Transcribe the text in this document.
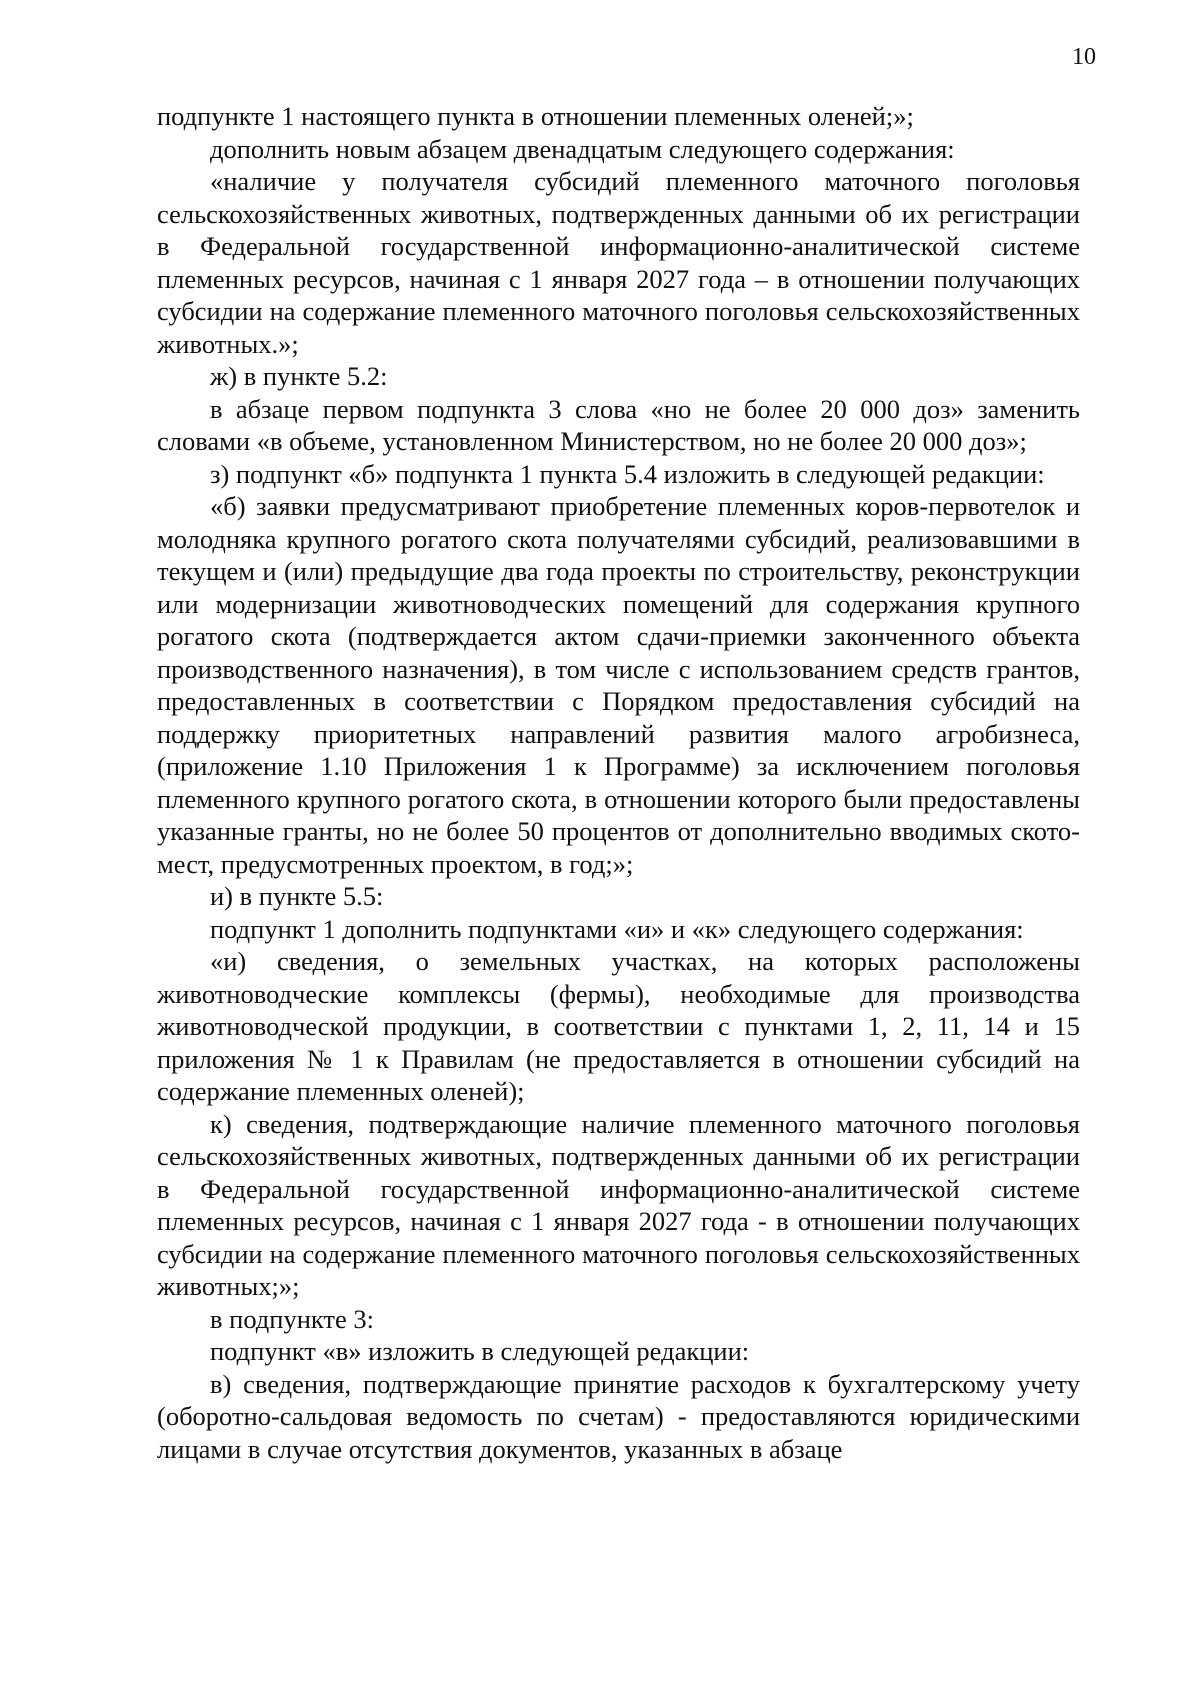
10

подпункте 1 настоящего пункта в отношении племенных оленей;»;

дополнить новым абзацем двенадцатым следующего содержания:

«наличие у получателя субсидий племенного маточного поголовья сельскохозяйственных животных, подтвержденных данными об их регистрации в Федеральной государственной информационно-аналитической системе племенных ресурсов, начиная с 1 января 2027 года – в отношении получающих субсидии на содержание племенного маточного поголовья сельскохозяйственных животных.»;

ж) в пункте 5.2:

в абзаце первом подпункта 3 слова «но не более 20 000 доз» заменить словами «в объеме, установленном Министерством, но не более 20 000 доз»;

з) подпункт «б» подпункта 1 пункта 5.4 изложить в следующей редакции:

«б) заявки предусматривают приобретение племенных коров-первотелок и молодняка крупного рогатого скота получателями субсидий, реализовавшими в текущем и (или) предыдущие два года проекты по строительству, реконструкции или модернизации животноводческих помещений для содержания крупного рогатого скота (подтверждается актом сдачи-приемки законченного объекта производственного назначения), в том числе с использованием средств грантов, предоставленных в соответствии с Порядком предоставления субсидий на поддержку приоритетных направлений развития малого агробизнеса, (приложение 1.10 Приложения 1 к Программе) за исключением поголовья племенного крупного рогатого скота, в отношении которого были предоставлены указанные гранты, но не более 50 процентов от дополнительно вводимых ското-мест, предусмотренных проектом, в год;»;

и) в пункте 5.5:

подпункт 1 дополнить подпунктами «и» и «к» следующего содержания:

«и) сведения, о земельных участках, на которых расположены животноводческие комплексы (фермы), необходимые для производства животноводческой продукции, в соответствии с пунктами 1, 2, 11, 14 и 15 приложения № 1 к Правилам (не предоставляется в отношении субсидий на содержание племенных оленей);

к) сведения, подтверждающие наличие племенного маточного поголовья сельскохозяйственных животных, подтвержденных данными об их регистрации в Федеральной государственной информационно-аналитической системе племенных ресурсов, начиная с 1 января 2027 года - в отношении получающих субсидии на содержание племенного маточного поголовья сельскохозяйственных животных;»;

в подпункте 3:

подпункт «в» изложить в следующей редакции:

в) сведения, подтверждающие принятие расходов к бухгалтерскому учету (оборотно-сальдовая ведомость по счетам) - предоставляются юридическими лицами в случае отсутствия документов, указанных в абзаце
